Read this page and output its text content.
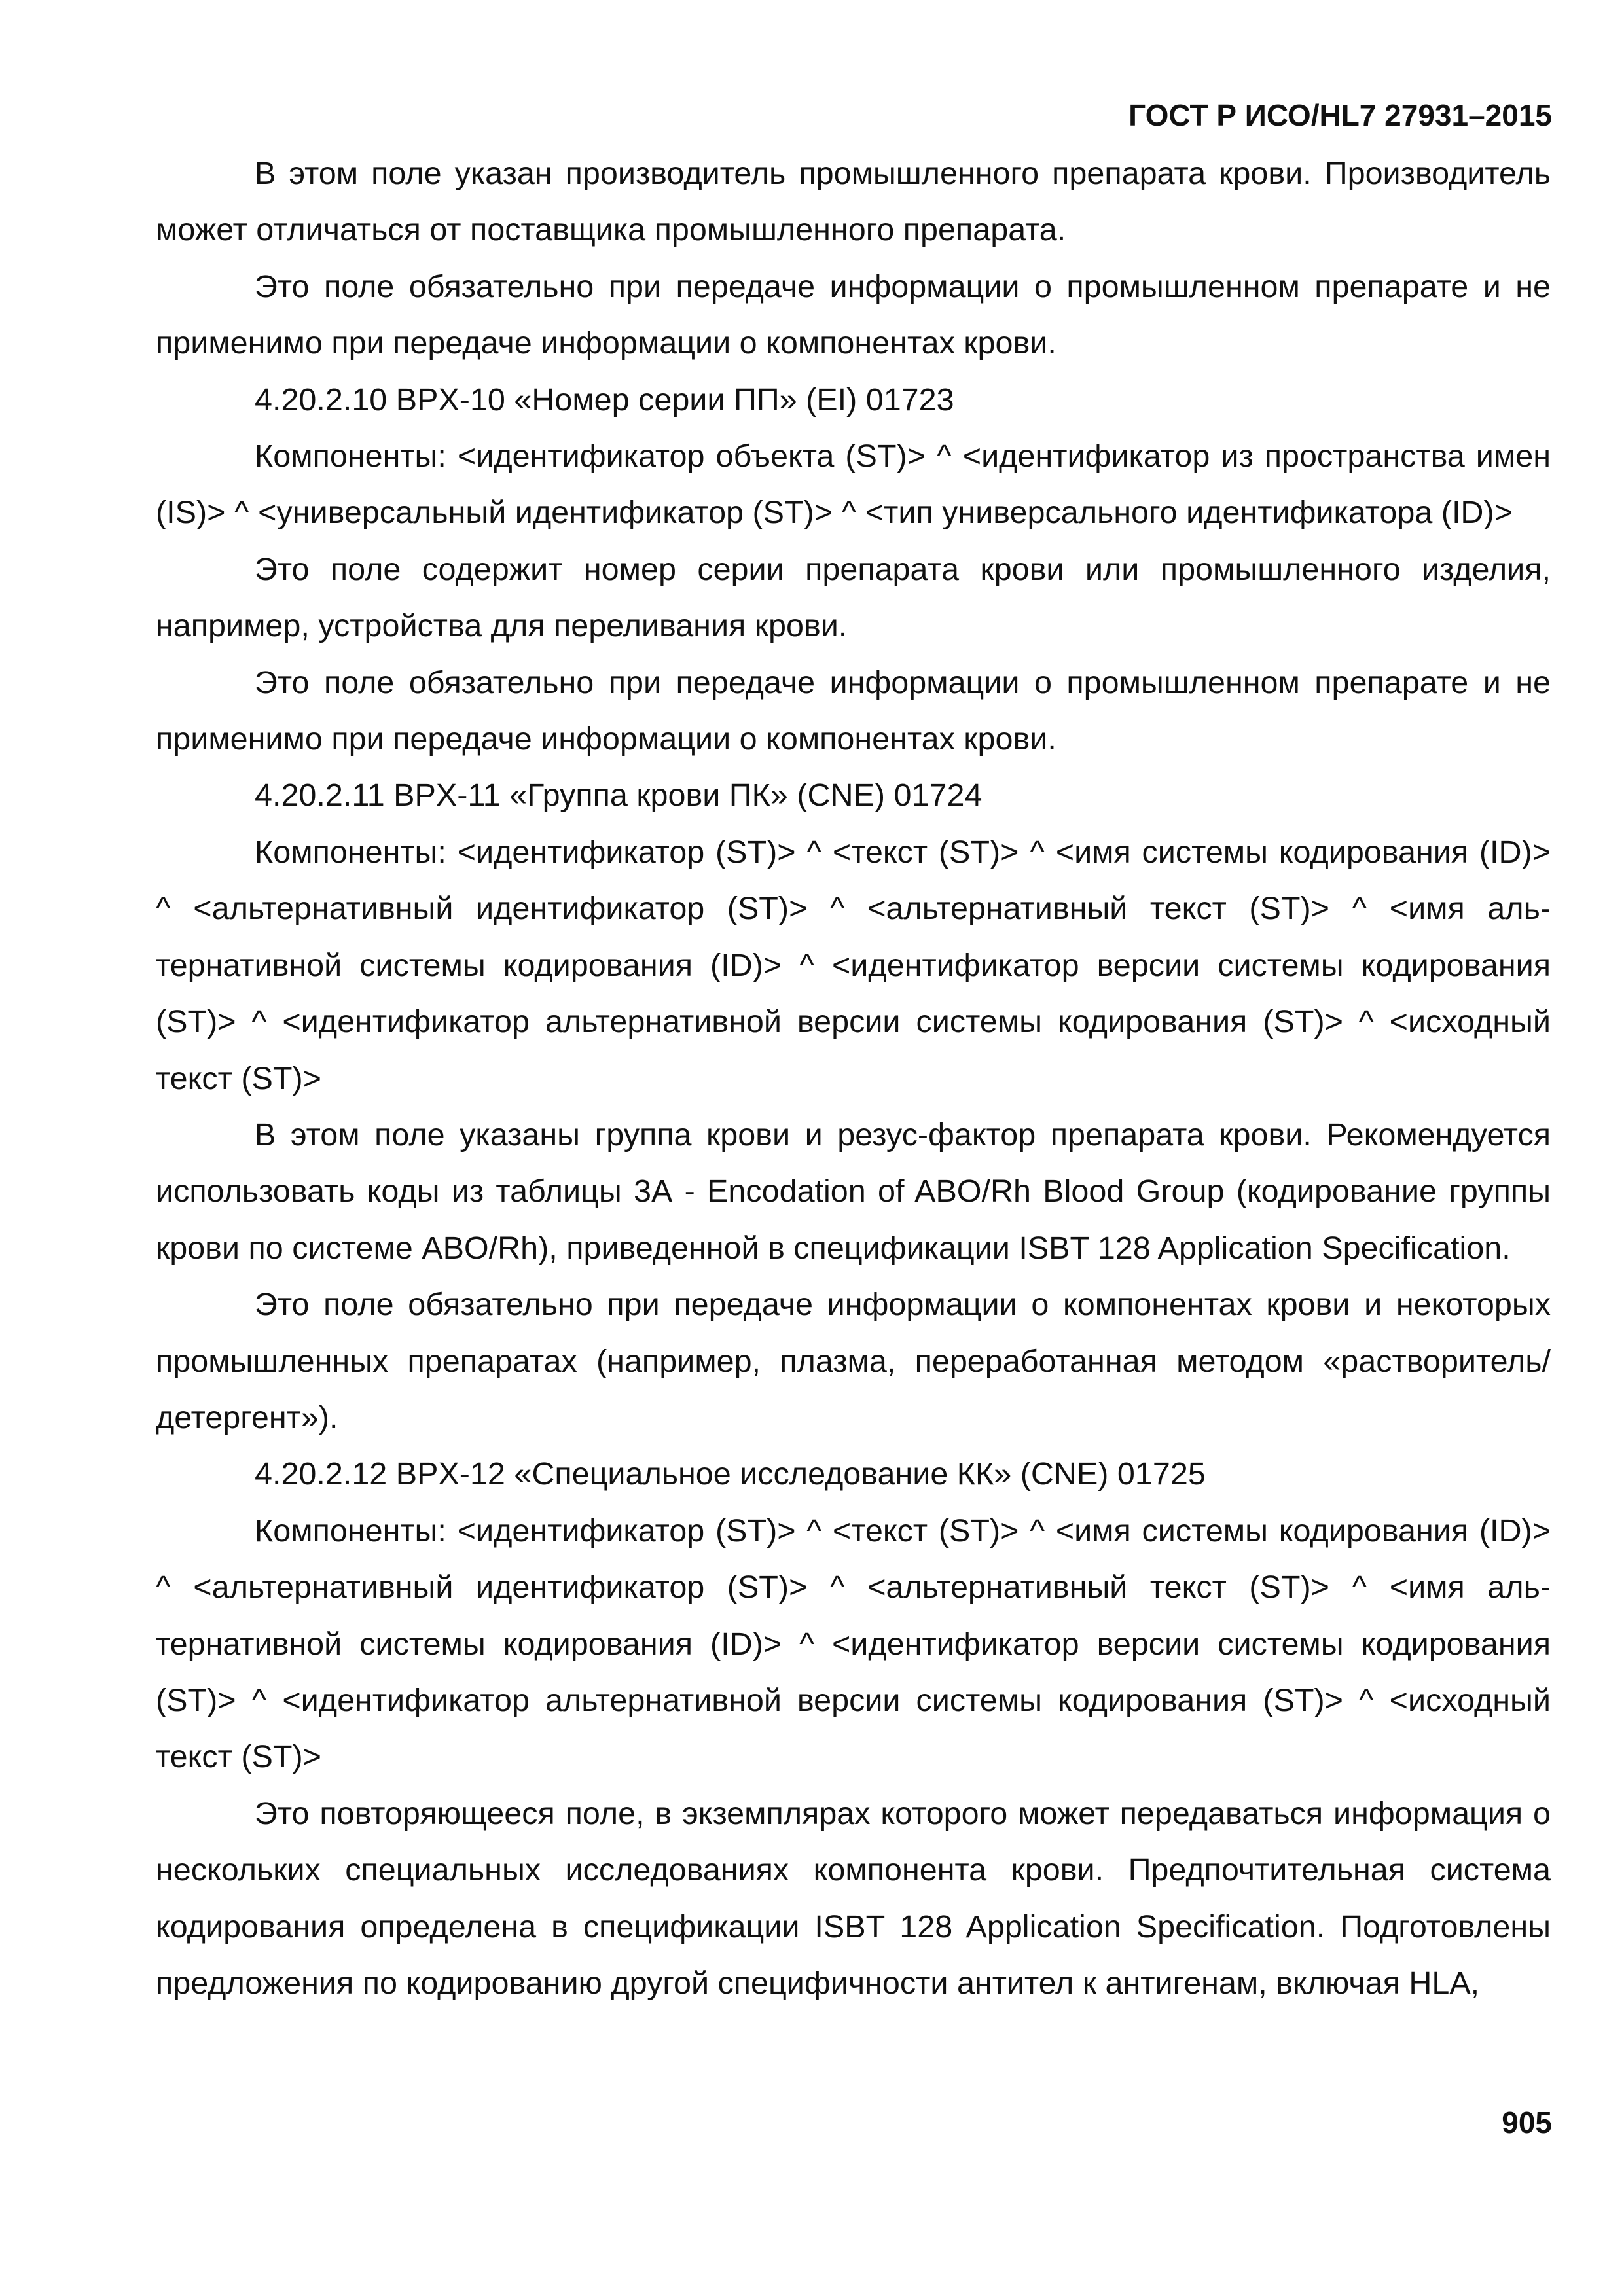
ГОСТ Р ИСО/HL7 27931–2015

В этом поле указан производитель промышленного препарата крови. Производитель может отличаться от поставщика промышленного препарата.

Это поле обязательно при передаче информации о промышленном препарате и не применимо при передаче информации о компонентах крови.

4.20.2.10 BPX-10 «Номер серии ПП» (EI) 01723

Компоненты: <идентификатор объекта (ST)> ^ <идентификатор из пространства имен (IS)> ^ <универсальный идентификатор (ST)> ^ <тип универсального идентификатора (ID)>

Это поле содержит номер серии препарата крови или промышленного изделия, например, устройства для переливания крови.

Это поле обязательно при передаче информации о промышленном препарате и не применимо при передаче информации о компонентах крови.

4.20.2.11 BPX-11 «Группа крови ПК» (CNE) 01724

Компоненты: <идентификатор (ST)> ^ <текст (ST)> ^ <имя системы кодирования (ID)> ^ <альтернативный идентификатор (ST)> ^ <альтернативный текст (ST)> ^ <имя альтернативной системы кодирования (ID)> ^ <идентификатор версии системы кодирования (ST)> ^ <идентификатор альтернативной версии системы кодирования (ST)> ^ <исходный текст (ST)>

В этом поле указаны группа крови и резус-фактор препарата крови. Рекомендуется использовать коды из таблицы 3А - Encodation of ABO/Rh Blood Group (кодирование группы крови по системе ABO/Rh), приведенной в спецификации ISBT 128 Application Specification.

Это поле обязательно при передаче информации о компонентах крови и некоторых промышленных препаратах (например, плазма, переработанная методом «растворитель/детергент»).

4.20.2.12 BPX-12 «Специальное исследование КК» (CNE) 01725

Компоненты: <идентификатор (ST)> ^ <текст (ST)> ^ <имя системы кодирования (ID)> ^ <альтернативный идентификатор (ST)> ^ <альтернативный текст (ST)> ^ <имя альтернативной системы кодирования (ID)> ^ <идентификатор версии системы кодирования (ST)> ^ <идентификатор альтернативной версии системы кодирования (ST)> ^ <исходный текст (ST)>

Это повторяющееся поле, в экземплярах которого может передаваться информация о нескольких специальных исследованиях компонента крови. Предпочтительная система кодирования определена в спецификации ISBT 128 Application Specification. Подготовлены предложения по кодированию другой специфичности антител к антигенам, включая HLA,

905
